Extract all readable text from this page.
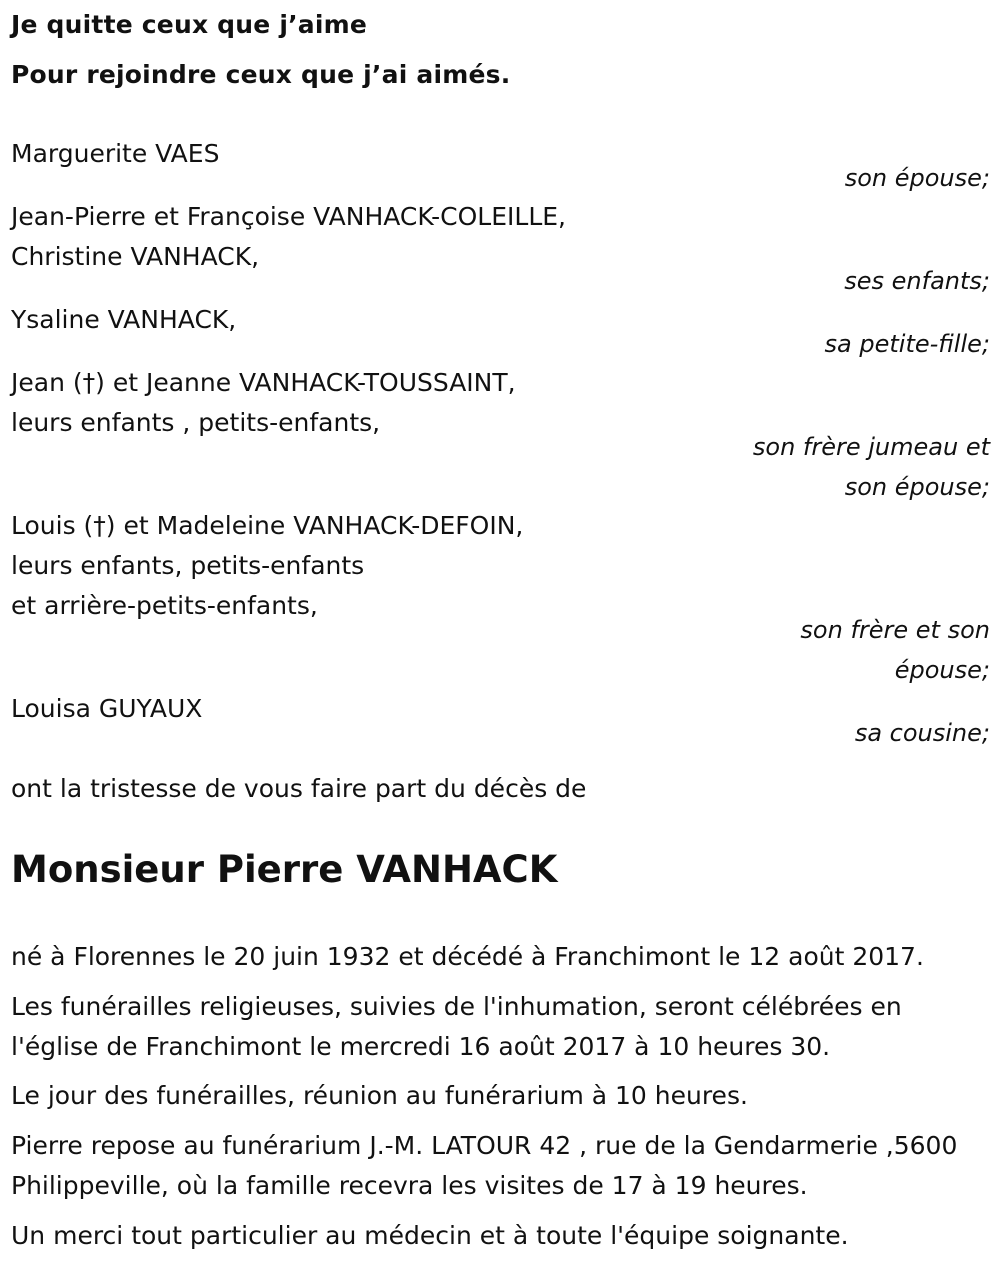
Je quitte ceux que j’aime
Pour rejoindre ceux que j’ai aimés.
Marguerite VAES
son épouse;
Jean-Pierre et Françoise VANHACK-COLEILLE,
Christine VANHACK,
ses enfants;
Ysaline VANHACK,
sa petite-fille;
Jean (†) et Jeanne VANHACK-TOUSSAINT,
leurs enfants , petits-enfants,
son frère jumeau et
son épouse;
Louis (†) et Madeleine VANHACK-DEFOIN,
leurs enfants, petits-enfants
et arrière-petits-enfants,
son frère et son
épouse;
Louisa GUYAUX
sa cousine;
ont la tristesse de vous faire part du décès de
Monsieur Pierre VANHACK
né à Florennes le 20 juin 1932 et décédé à Franchimont le 12 août 2017.
Les funérailles religieuses, suivies de l'inhumation, seront célébrées en l'église de Franchimont le mercredi 16 août 2017 à 10 heures 30.
Le jour des funérailles, réunion au funérarium à 10 heures.
Pierre repose au funérarium J.-M. LATOUR 42 , rue de la Gendarmerie ,5600 Philippeville, où la famille recevra les visites de 17 à 19 heures.
Un merci tout particulier au médecin et à toute l'équipe soignante.
